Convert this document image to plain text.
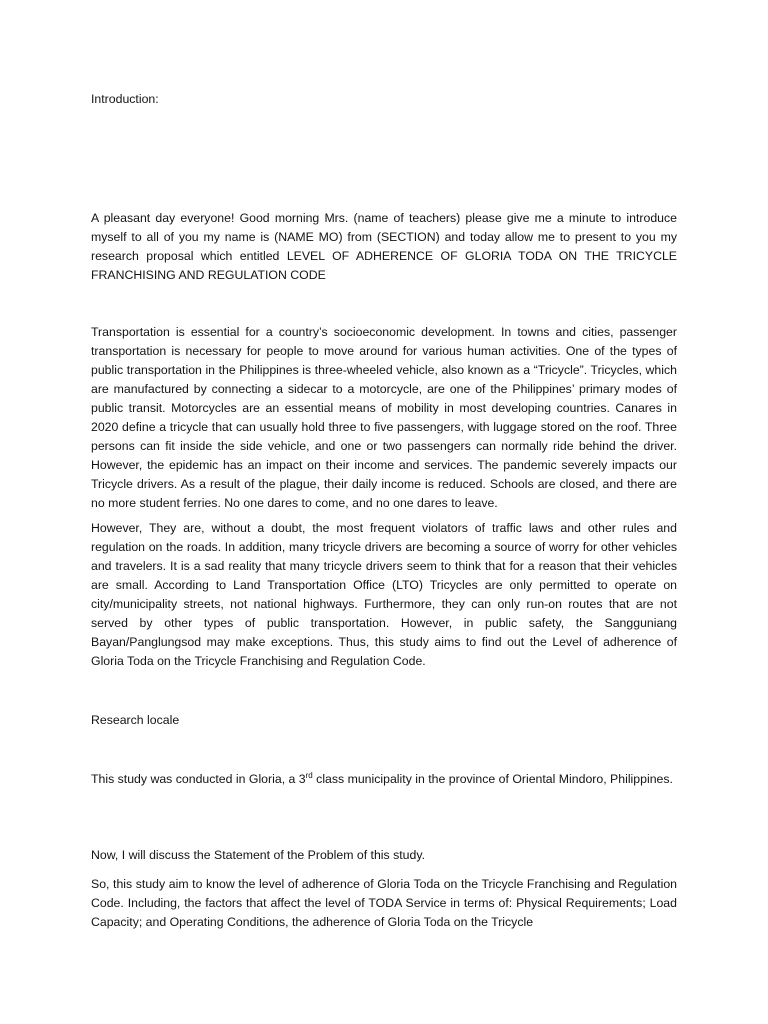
Introduction:

A pleasant day everyone! Good morning Mrs. (name of teachers) please give me a minute to introduce myself to all of you my name is (NAME MO) from (SECTION) and today allow me to present to you my research proposal which entitled LEVEL OF ADHERENCE OF GLORIA TODA ON THE TRICYCLE FRANCHISING AND REGULATION CODE

Transportation is essential for a country’s socioeconomic development. In towns and cities, passenger transportation is necessary for people to move around for various human activities. One of the types of public transportation in the Philippines is three-wheeled vehicle, also known as a “Tricycle”. Tricycles, which are manufactured by connecting a sidecar to a motorcycle, are one of the Philippines’ primary modes of public transit. Motorcycles are an essential means of mobility in most developing countries. Canares in 2020 define a tricycle that can usually hold three to five passengers, with luggage stored on the roof. Three persons can fit inside the side vehicle, and one or two passengers can normally ride behind the driver. However, the epidemic has an impact on their income and services. The pandemic severely impacts our Tricycle drivers. As a result of the plague, their daily income is reduced. Schools are closed, and there are no more student ferries. No one dares to come, and no one dares to leave.

However, They are, without a doubt, the most frequent violators of traffic laws and other rules and regulation on the roads. In addition, many tricycle drivers are becoming a source of worry for other vehicles and travelers. It is a sad reality that many tricycle drivers seem to think that for a reason that their vehicles are small. According to Land Transportation Office (LTO) Tricycles are only permitted to operate on city/municipality streets, not national highways. Furthermore, they can only run-on routes that are not served by other types of public transportation. However, in public safety, the Sangguniang Bayan/Panglungsod may make exceptions. Thus, this study aims to find out the Level of adherence of Gloria Toda on the Tricycle Franchising and Regulation Code.

Research locale

This study was conducted in Gloria, a 3rd class municipality in the province of Oriental Mindoro, Philippines.

Now, I will discuss the Statement of the Problem of this study.

So, this study aim to know the level of adherence of Gloria Toda on the Tricycle Franchising and Regulation Code. Including, the factors that affect the level of TODA Service in terms of: Physical Requirements; Load Capacity; and Operating Conditions, the adherence of Gloria Toda on the Tricycle
